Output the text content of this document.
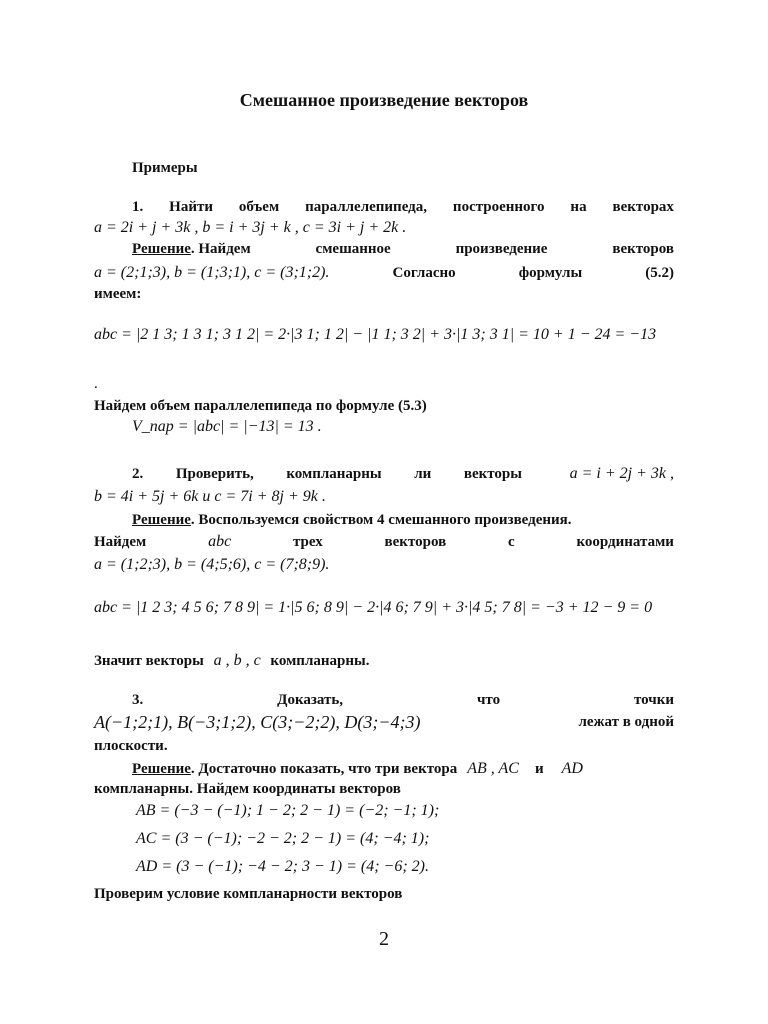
Смешанное произведение векторов
Примеры
1. Найти объем параллелепипеда, построенного на векторах
a = 2i + j + 3k , b = i + 3j + k , c = 3i + j + 2k .
Решение. Найдем	смешанное	произведение	векторов
a = (2;1;3), b = (1;3;1), c = (3;1;2).	Согласно	формулы	(5.2)
имеем:
abc = |2 1 3; 1 3 1; 3 1 2| = 2·|3 1; 1 2| − |1 1; 3 2| + 3·|1 3; 3 1| = 10 + 1 − 24 = −13
.
Найдем объем параллелепипеда по формуле (5.3)
V_пар = |abc| = |−13| = 13 .
2. Проверить, компланарны ли векторы	a = i + 2j + 3k ,
b = 4i + 5j + 6k и c = 7i + 8j + 9k .
Решение. Воспользуемся свойством 4 смешанного произведения.
Найдем	abc	трех	векторов	с	координатами
a = (1;2;3), b = (4;5;6), c = (7;8;9).
abc = |1 2 3; 4 5 6; 7 8 9| = 1·|5 6; 8 9| − 2·|4 6; 7 9| + 3·|4 5; 7 8| = −3 + 12 − 9 = 0
Значит векторы a , b , c компланарны.
3.	Доказать,	что	точки
A(−1;2;1), B(−3;1;2), C(3;−2;2), D(3;−4;3)	лежат в одной
плоскости.
Решение. Достаточно показать, что три вектора AB , AC и AD
компланарны. Найдем координаты векторов
AB = (−3 − (−1); 1 − 2; 2 − 1) = (−2; −1; 1);
AC = (3 − (−1); −2 − 2; 2 − 1) = (4; −4; 1);
AD = (3 − (−1); −4 − 2; 3 − 1) = (4; −6; 2).
Проверим условие компланарности векторов
2
